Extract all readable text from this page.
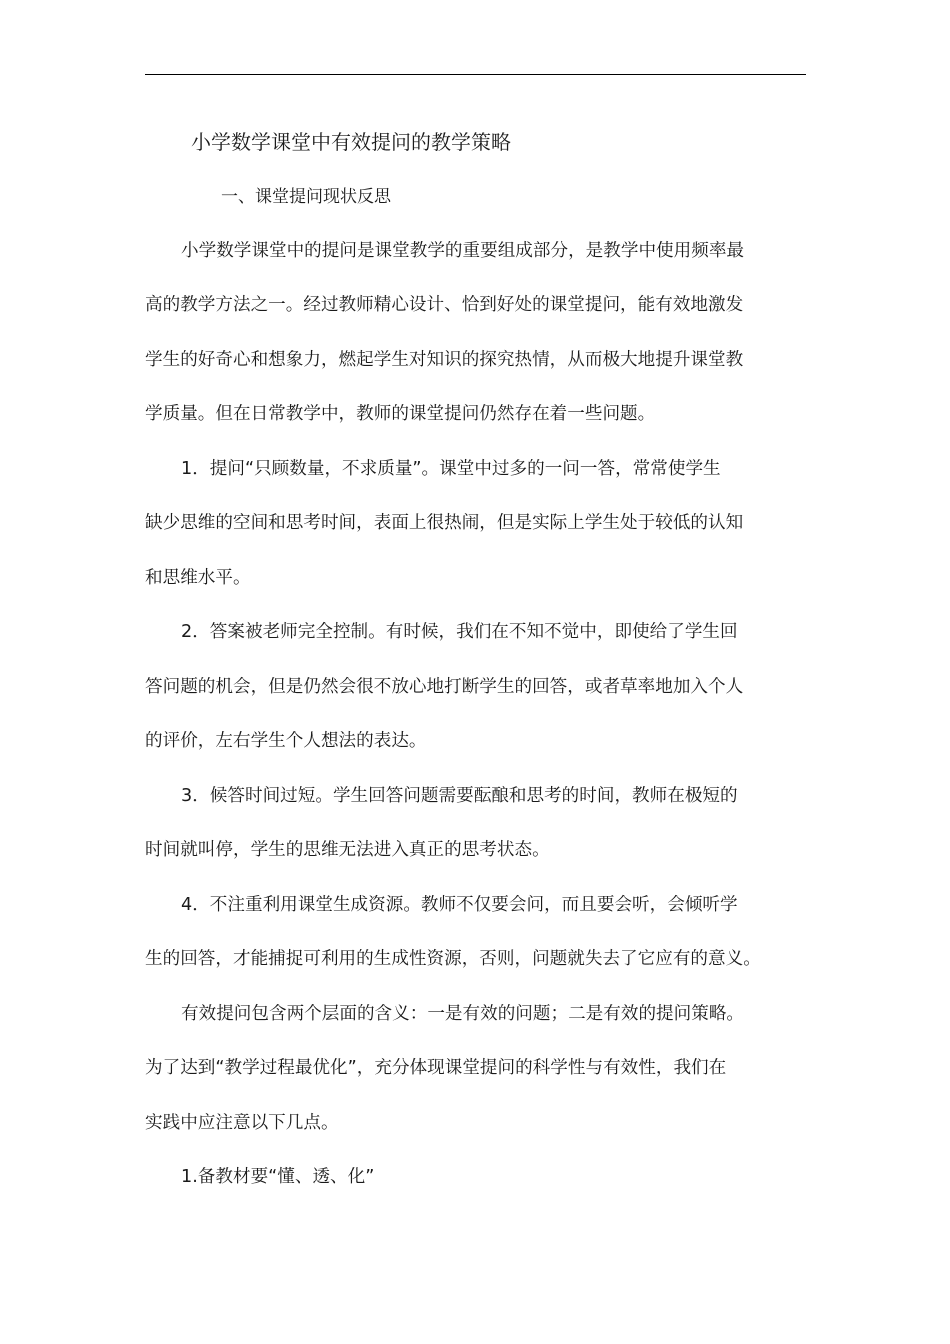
小学数学课堂中有效提问的教学策略
一、课堂提问现状反思
小学数学课堂中的提问是课堂教学的重要组成部分，是教学中使用频率最
高的教学方法之一。经过教师精心设计、恰到好处的课堂提问，能有效地激发
学生的好奇心和想象力，燃起学生对知识的探究热情，从而极大地提升课堂教
学质量。但在日常教学中，教师的课堂提问仍然存在着一些问题。
1．提问“只顾数量，不求质量”。课堂中过多的一问一答，常常使学生
缺少思维的空间和思考时间，表面上很热闹，但是实际上学生处于较低的认知
和思维水平。
2．答案被老师完全控制。有时候，我们在不知不觉中，即使给了学生回
答问题的机会，但是仍然会很不放心地打断学生的回答，或者草率地加入个人
的评价，左右学生个人想法的表达。
3．候答时间过短。学生回答问题需要酝酿和思考的时间，教师在极短的
时间就叫停，学生的思维无法进入真正的思考状态。
4．不注重利用课堂生成资源。教师不仅要会问，而且要会听，会倾听学
生的回答，才能捕捉可利用的生成性资源，否则，问题就失去了它应有的意义。
有效提问包含两个层面的含义：一是有效的问题；二是有效的提问策略。
为了达到“教学过程最优化”，充分体现课堂提问的科学性与有效性，我们在
实践中应注意以下几点。
1.备教材要“懂、透、化”
